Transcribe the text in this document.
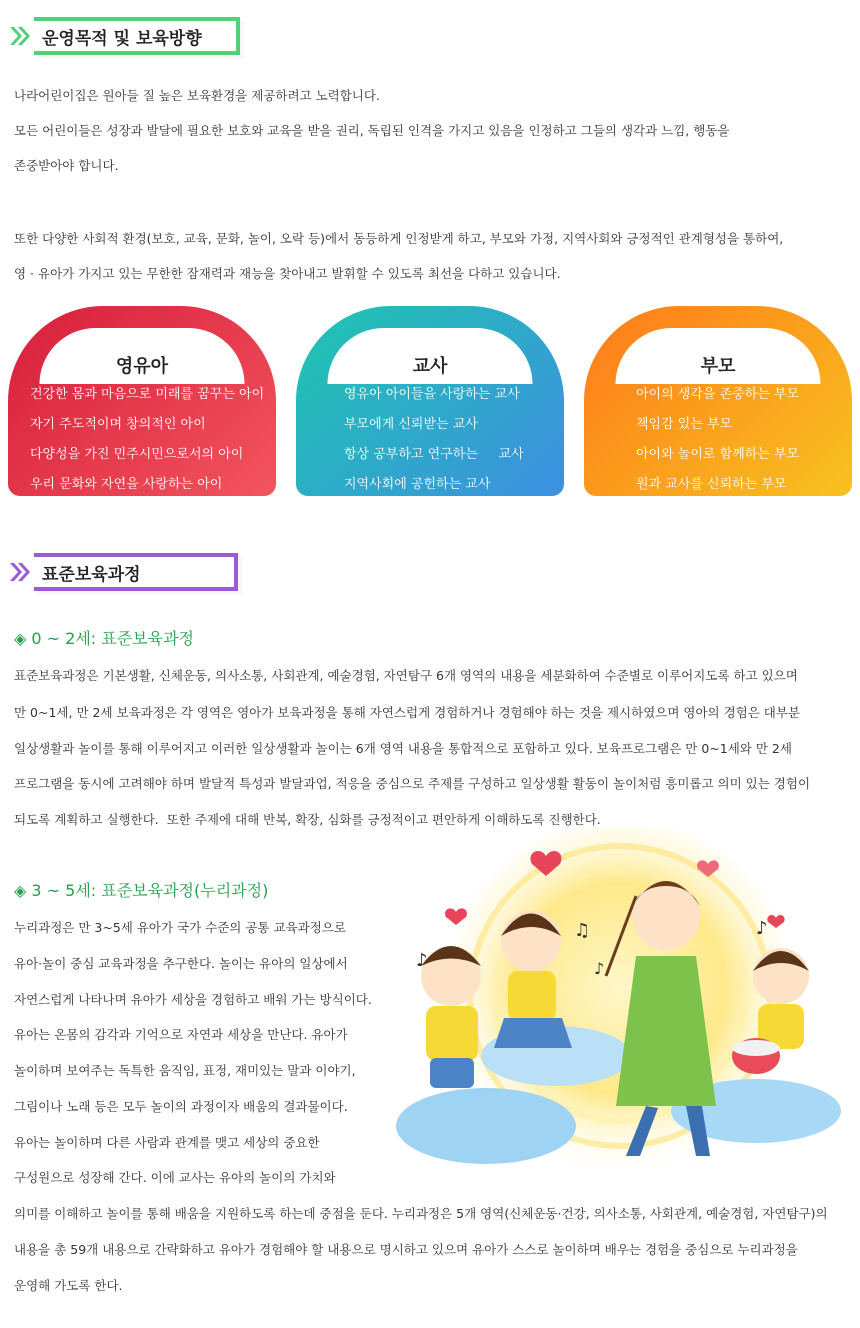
운영목적 및 보육방향

나라어린이집은 원아들 질 높은 보육환경을 제공하려고 노력합니다.

모든 어린이들은 성장과 발달에 필요한 보호와 교육을 받을 권리, 독립된 인격을 가지고 있음을 인정하고 그들의 생각과 느낌, 행동을

존중받아야 합니다.

또한 다양한 사회적 환경(보호, 교육, 문화, 놀이, 오락 등)에서 동등하게 인정받게 하고, 부모와 가정, 지역사회와 긍정적인 관계형성을 통하여,

영 · 유아가 가지고 있는 무한한 잠재력과 재능을 찾아내고 발휘할 수 있도록 최선을 다하고 있습니다.

영유아
건강한 몸과 마음으로 미래를 꿈꾸는 아이
자기 주도적이며 창의적인 아이
다양성을 가진 민주시민으로서의 아이
우리 문화와 자연을 사랑하는 아이
교사
영유아 아이들을 사랑하는 교사
부모에게 신뢰받는 교사
항상 공부하고 연구하는     교사
지역사회에 공헌하는 교사
부모
아이의 생각을 존중하는 부모
책임감 있는 부모
아이와 놀이로 함께하는 부모
원과 교사를 신뢰하는 부모
표준보육과정

◈ 0 ~ 2세: 표준보육과정

표준보육과정은 기본생활, 신체운동, 의사소통, 사회관계, 예술경험, 자연탐구 6개 영역의 내용을 세분화하여 수준별로 이루어지도록 하고 있으며

만 0~1세, 만 2세 보육과정은 각 영역은 영아가 보육과정을 통해 자연스럽게 경험하거나 경험해야 하는 것을 제시하였으며 영아의 경험은 대부분

일상생활과 놀이를 통해 이루어지고 이러한 일상생활과 놀이는 6개 영역 내용을 통합적으로 포함하고 있다. 보육프로그램은 만 0~1세와 만 2세

프로그램을 동시에 고려해야 하며 발달적 특성과 발달과업, 적응을 중심으로 주제를 구성하고 일상생활 활동이 놀이처럼 흥미롭고 의미 있는 경험이

되도록 계획하고 실행한다.  또한 주제에 대해 반복, 확장, 심화를 긍정적이고 편안하게 이해하도록 진행한다.

◈ 3 ~ 5세: 표준보육과정(누리과정)

누리과정은 만 3~5세 유아가 국가 수준의 공통 교육과정으로

유아·놀이 중심 교육과정을 추구한다. 놀이는 유아의 일상에서

자연스럽게 나타나며 유아가 세상을 경험하고 배워 가는 방식이다.

유아는 온몸의 감각과 기억으로 자연과 세상을 만난다. 유아가

놀이하며 보여주는 독특한 움직임, 표정, 재미있는 말과 이야기,

그림이나 노래 등은 모두 놀이의 과정이자 배움의 결과물이다.

유아는 놀이하며 다른 사람과 관계를 맺고 세상의 중요한

구성원으로 성장해 간다. 이에 교사는 유아의 놀이의 가치와

의미를 이해하고 놀이를 통해 배움을 지원하도록 하는데 중점을 둔다. 누리과정은 5개 영역(신체운동·건강, 의사소통, 사회관계, 예술경험, 자연탐구)의

내용을 총 59개 내용으로 간략화하고 유아가 경험해야 할 내용으로 명시하고 있으며 유아가 스스로 놀이하며 배우는 경험을 중심으로 누리과정을

운영해 가도록 한다.

♪
♫	♪
♪
